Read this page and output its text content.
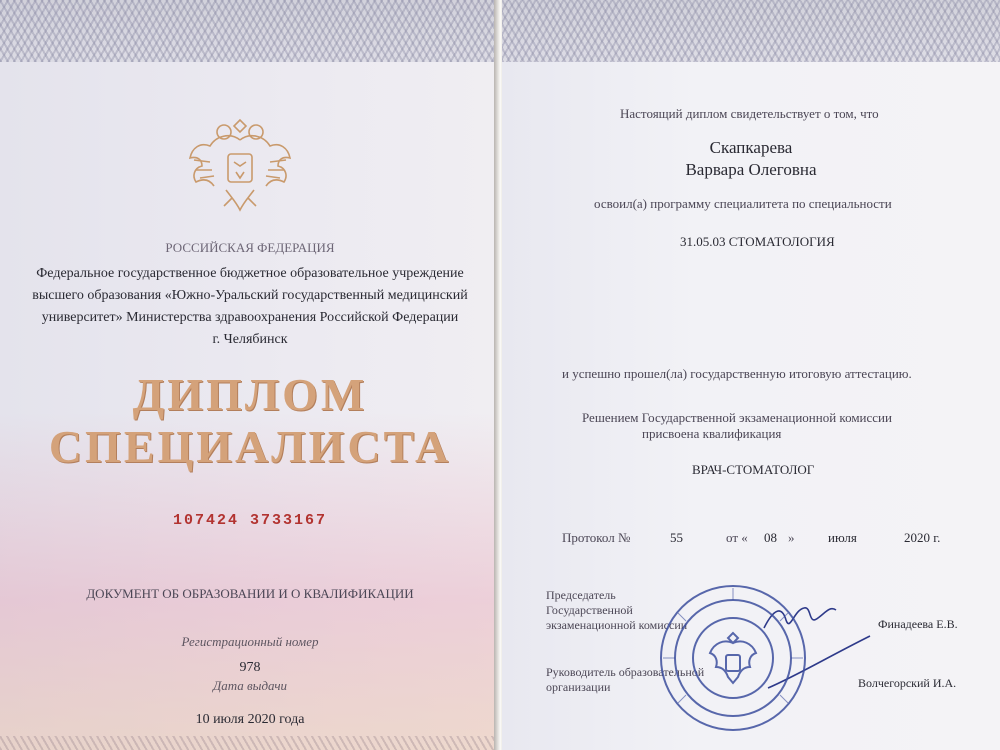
РОССИЙСКАЯ ФЕДЕРАЦИЯ
Федеральное государственное бюджетное образовательное учреждение
высшего образования «Южно-Уральский государственный медицинский
университет» Министерства здравоохранения Российской Федерации
г. Челябинск
ДИПЛОМ
СПЕЦИАЛИСТА
107424 3733167
ДОКУМЕНТ ОБ ОБРАЗОВАНИИ И О КВАЛИФИКАЦИИ
Регистрационный номер
978
Дата выдачи
10 июля 2020 года
Настоящий диплом свидетельствует о том, что
Скапкарева
Варвара Олеговна
освоил(а) программу специалитета по специальности
31.05.03 СТОМАТОЛОГИЯ
и успешно прошел(ла) государственную итоговую аттестацию.
Решением Государственной экзаменационной комиссии
присвоена квалификация
ВРАЧ-СТОМАТОЛОГ
Протокол №	55	от « 08 »	июля	2020 г.
Председатель
Государственной
экзаменационной комиссии	Финадеева Е.В.
Руководитель образовательной
организации	Волчегорский И.А.
